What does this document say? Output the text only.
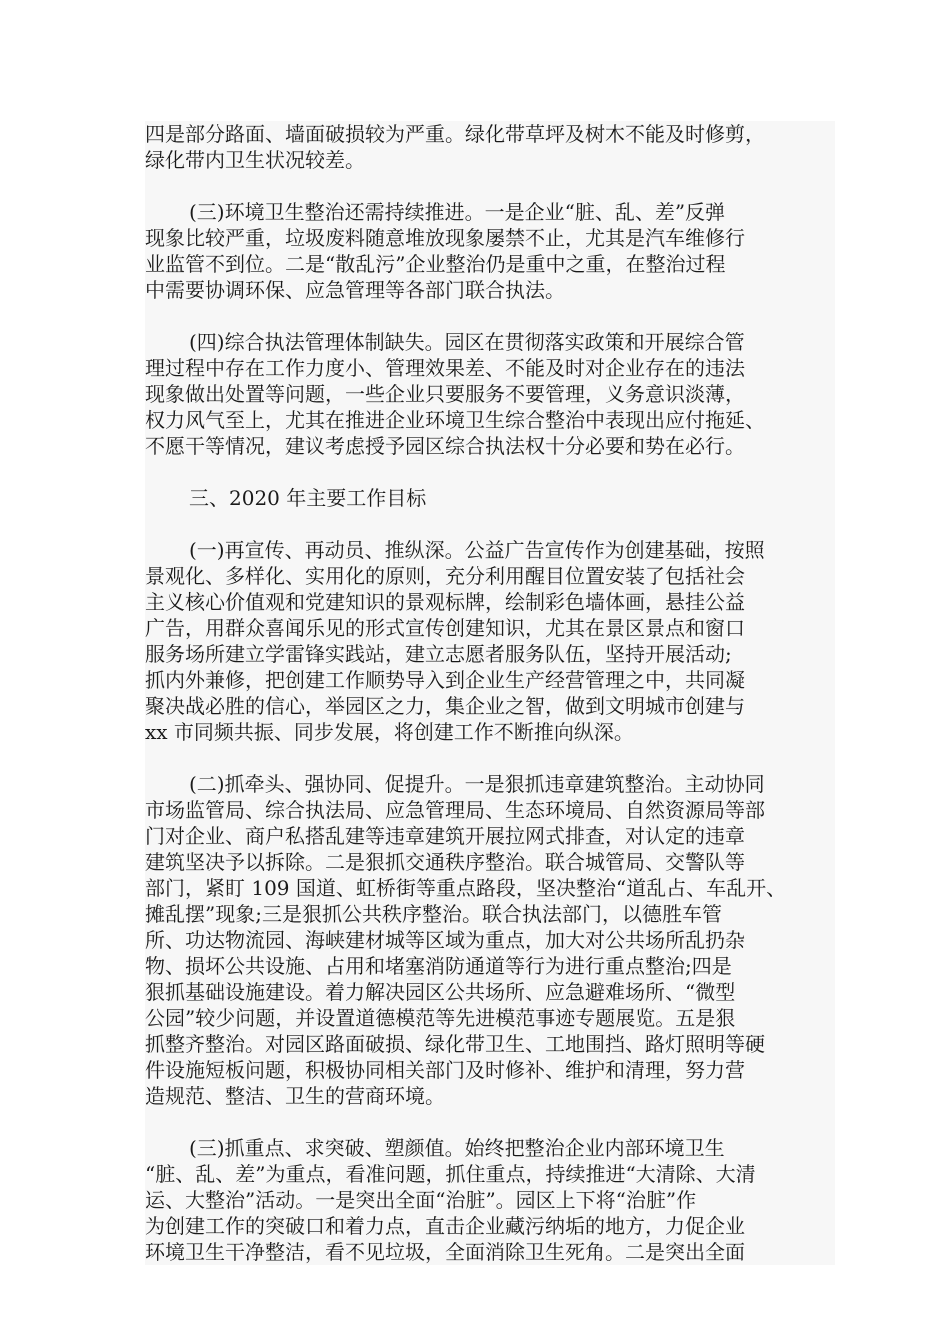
四是部分路面、墙面破损较为严重。绿化带草坪及树木不能及时修剪，
绿化带内卫生状况较差。
(三)环境卫生整治还需持续推进。一是企业“脏、乱、差”反弹
现象比较严重，垃圾废料随意堆放现象屡禁不止，尤其是汽车维修行
业监管不到位。二是“散乱污”企业整治仍是重中之重，在整治过程
中需要协调环保、应急管理等各部门联合执法。
(四)综合执法管理体制缺失。园区在贯彻落实政策和开展综合管
理过程中存在工作力度小、管理效果差、不能及时对企业存在的违法
现象做出处置等问题，一些企业只要服务不要管理，义务意识淡薄，
权力风气至上，尤其在推进企业环境卫生综合整治中表现出应付拖延、
不愿干等情况，建议考虑授予园区综合执法权十分必要和势在必行。
三、2020 年主要工作目标
(一)再宣传、再动员、推纵深。公益广告宣传作为创建基础，按照
景观化、多样化、实用化的原则，充分利用醒目位置安装了包括社会
主义核心价值观和党建知识的景观标牌，绘制彩色墙体画，悬挂公益
广告，用群众喜闻乐见的形式宣传创建知识，尤其在景区景点和窗口
服务场所建立学雷锋实践站，建立志愿者服务队伍，坚持开展活动;
抓内外兼修，把创建工作顺势导入到企业生产经营管理之中，共同凝
聚决战必胜的信心，举园区之力，集企业之智，做到文明城市创建与
xx 市同频共振、同步发展，将创建工作不断推向纵深。
(二)抓牵头、强协同、促提升。一是狠抓违章建筑整治。主动协同
市场监管局、综合执法局、应急管理局、生态环境局、自然资源局等部
门对企业、商户私搭乱建等违章建筑开展拉网式排查，对认定的违章
建筑坚决予以拆除。二是狠抓交通秩序整治。联合城管局、交警队等
部门，紧盯 109 国道、虹桥街等重点路段，坚决整治“道乱占、车乱开、
摊乱摆”现象;三是狠抓公共秩序整治。联合执法部门，以德胜车管
所、功达物流园、海峡建材城等区域为重点，加大对公共场所乱扔杂
物、损坏公共设施、占用和堵塞消防通道等行为进行重点整治;四是
狠抓基础设施建设。着力解决园区公共场所、应急避难场所、“微型
公园”较少问题，并设置道德模范等先进模范事迹专题展览。五是狠
抓整齐整治。对园区路面破损、绿化带卫生、工地围挡、路灯照明等硬
件设施短板问题，积极协同相关部门及时修补、维护和清理，努力营
造规范、整洁、卫生的营商环境。
(三)抓重点、求突破、塑颜值。始终把整治企业内部环境卫生
“脏、乱、差”为重点，看准问题，抓住重点，持续推进“大清除、大清
运、大整治”活动。一是突出全面“治脏”。园区上下将“治脏”作
为创建工作的突破口和着力点，直击企业藏污纳垢的地方，力促企业
环境卫生干净整洁，看不见垃圾，全面消除卫生死角。二是突出全面
